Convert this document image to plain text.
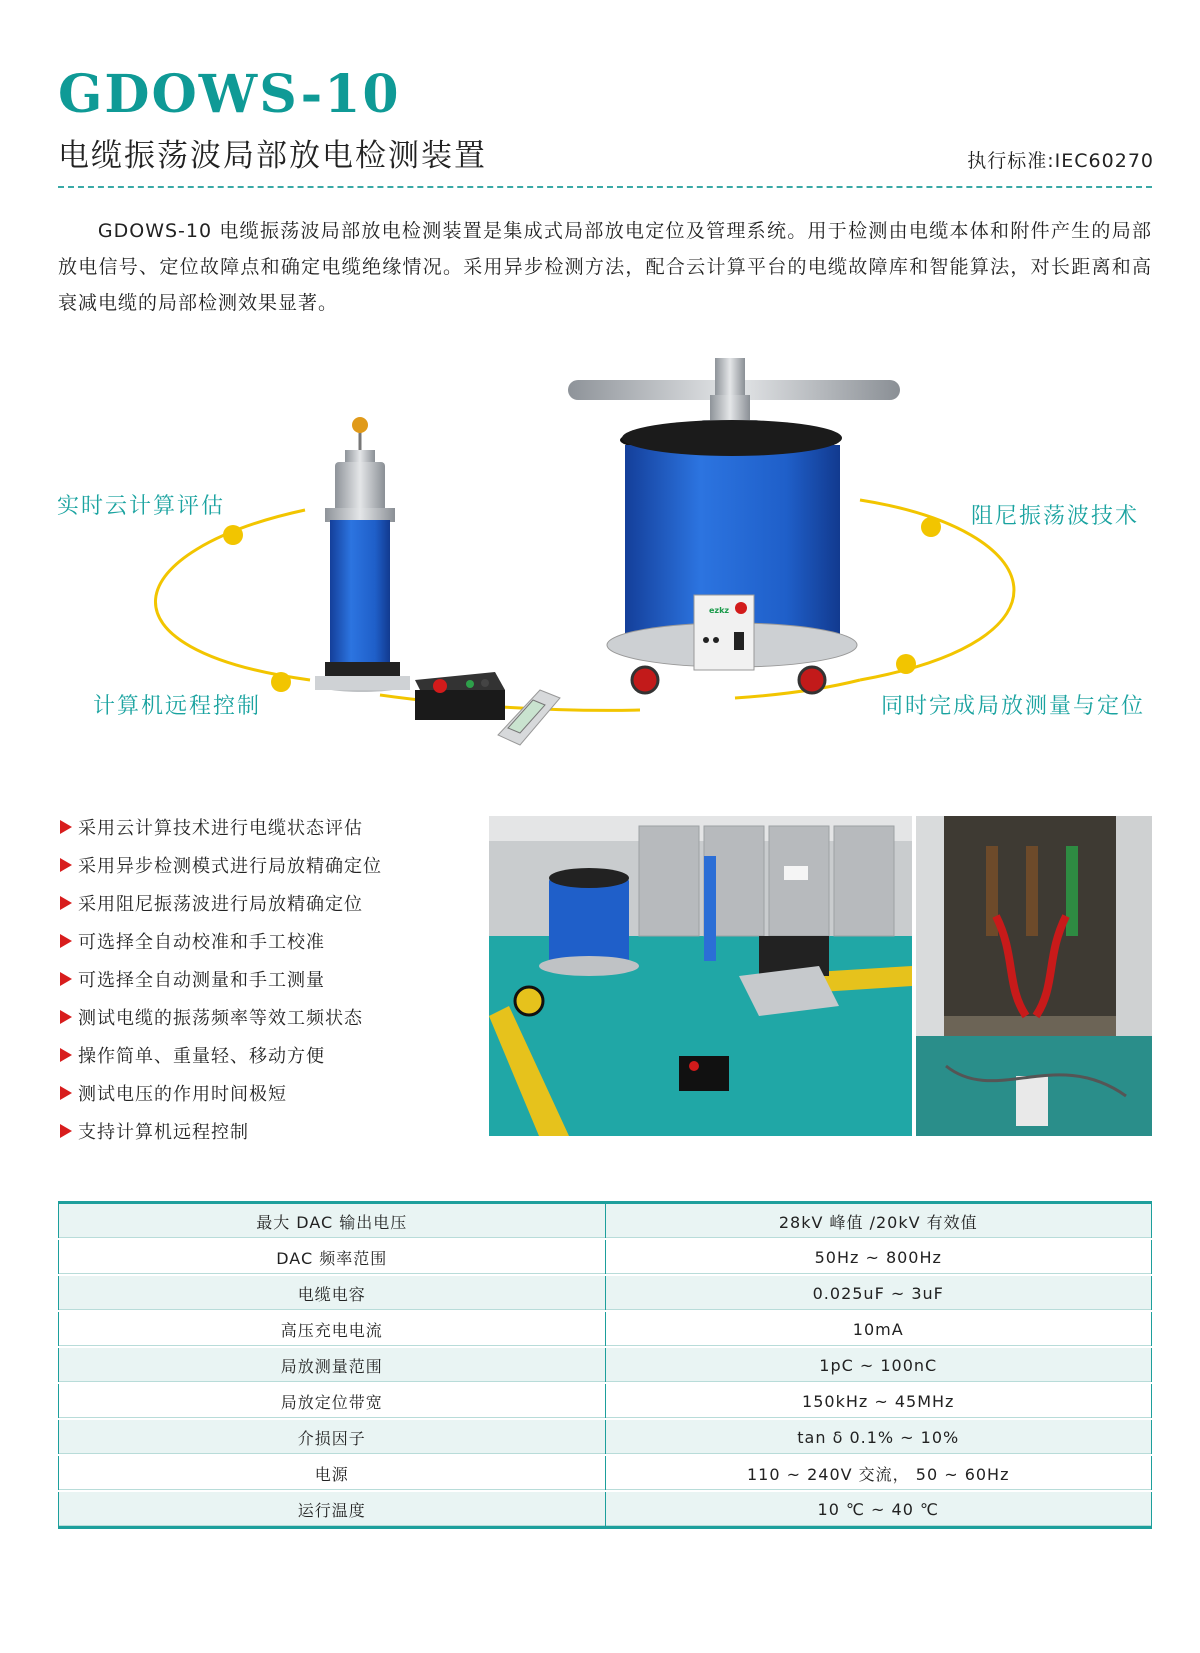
GDOWS-10
电缆振荡波局部放电检测装置	执行标准:IEC60270

GDOWS-10 电缆振荡波局部放电检测装置是集成式局部放电定位及管理系统。用于检测由电缆本体和附件产生的局部放电信号、定位故障点和确定电缆绝缘情况。采用异步检测方法，配合云计算平台的电缆故障库和智能算法，对长距离和高衰减电缆的局部检测效果显著。

ezkz
实时云计算评估	阻尼振荡波技术
计算机远程控制	同时完成局放测量与定位
采用云计算技术进行电缆状态评估
采用异步检测模式进行局放精确定位
采用阻尼振荡波进行局放精确定位
可选择全自动校准和手工校准
可选择全自动测量和手工测量
测试电缆的振荡频率等效工频状态
操作简单、重量轻、移动方便
测试电压的作用时间极短
支持计算机远程控制
最大 DAC 输出电压	28kV 峰值 /20kV 有效值
DAC 频率范围	50Hz ~ 800Hz
电缆电容	0.025uF ~ 3uF
高压充电电流	10mA
局放测量范围	1pC ~ 100nC
局放定位带宽	150kHz ~ 45MHz
介损因子	tan δ 0.1% ~ 10%
电源	110 ~ 240V 交流， 50 ~ 60Hz
运行温度	10 ℃ ~ 40 ℃
